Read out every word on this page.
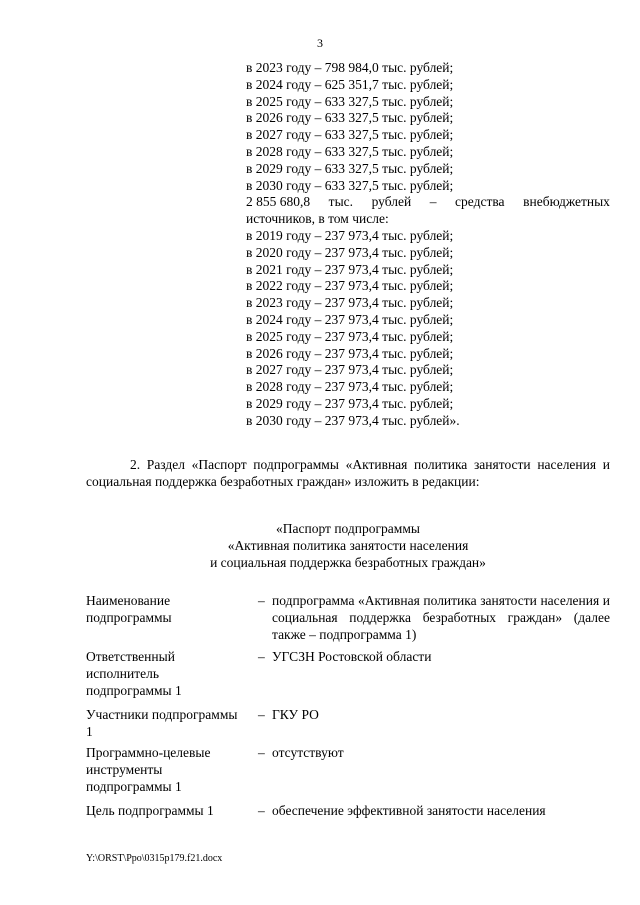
3
в 2023 году – 798 984,0 тыс. рублей;
в 2024 году – 625 351,7 тыс. рублей;
в 2025 году – 633 327,5 тыс. рублей;
в 2026 году – 633 327,5 тыс. рублей;
в 2027 году – 633 327,5 тыс. рублей;
в 2028 году – 633 327,5 тыс. рублей;
в 2029 году – 633 327,5 тыс. рублей;
в 2030 году – 633 327,5 тыс. рублей;
2 855 680,8 тыс. рублей – средства внебюджетных
источников, в том числе:
в 2019 году – 237 973,4 тыс. рублей;
в 2020 году – 237 973,4 тыс. рублей;
в 2021 году – 237 973,4 тыс. рублей;
в 2022 году – 237 973,4 тыс. рублей;
в 2023 году – 237 973,4 тыс. рублей;
в 2024 году – 237 973,4 тыс. рублей;
в 2025 году – 237 973,4 тыс. рублей;
в 2026 году – 237 973,4 тыс. рублей;
в 2027 году – 237 973,4 тыс. рублей;
в 2028 году – 237 973,4 тыс. рублей;
в 2029 году – 237 973,4 тыс. рублей;
в 2030 году – 237 973,4 тыс. рублей».
2. Раздел «Паспорт подпрограммы «Активная политика занятости населения и социальная поддержка безработных граждан» изложить в редакции:
«Паспорт подпрограммы
«Активная политика занятости населения
и социальная поддержка безработных граждан»
Наименование подпрограммы
– подпрограмма «Активная политика занятости населения и социальная поддержка безработных граждан» (далее также – подпрограмма 1)
Ответственный исполнитель подпрограммы 1
– УГСЗН Ростовской области
Участники подпрограммы 1
– ГКУ РО
Программно-целевые инструменты подпрограммы 1
– отсутствуют
Цель подпрограммы 1	– обеспечение эффективной занятости населения
Y:\ORST\Ppo\0315p179.f21.docx
